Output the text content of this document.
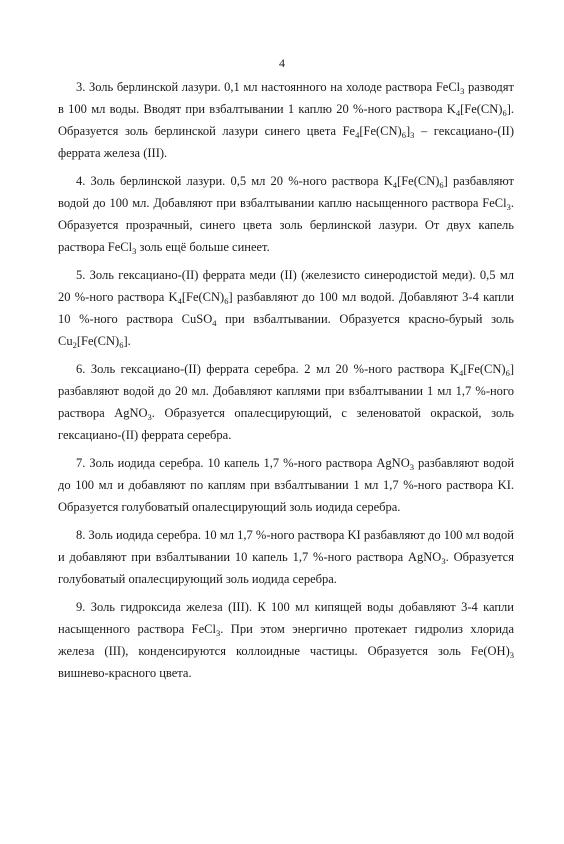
4

3. Золь берлинской лазури. 0,1 мл настоянного на холоде раствора FeCl$_3$ разводят в 100 мл воды. Вводят при взбалтывании 1 каплю 20 %-ного раствора $K_4[Fe(CN)_6]$. Образуется золь берлинской лазури синего цвета $Fe_4[Fe(CN)_6]_3$ – гексациано-(II) феррата железа (III).

4. Золь берлинской лазури. 0,5 мл 20 %-ного раствора $K_4[Fe(CN)_6]$ разбавляют водой до 100 мл. Добавляют при взбалтывании каплю насыщенного раствора FeCl$_3$. Образуется прозрачный, синего цвета золь берлинской лазури. От двух капель раствора FeCl$_3$ золь ещё больше синеет.

5. Золь гексациано-(II) феррата меди (II) (железисто синеродистой меди). 0,5 мл 20 %-ного раствора $K_4[Fe(CN)_6]$ разбавляют до 100 мл водой. Добавляют 3-4 капли 10 %-ного раствора CuSO$_4$ при взбалтывании. Образуется красно-бурый золь $Cu_2[Fe(CN)_6]$.

6. Золь гексациано-(II) феррата серебра. 2 мл 20 %-ного раствора $K_4[Fe(CN)_6]$ разбавляют водой до 20 мл. Добавляют каплями при взбалтывании 1 мл 1,7 %-ного раствора AgNO$_3$. Образуется опалесцирующий, с зеленоватой окраской, золь гексациано-(II) феррата серебра.

7. Золь иодида серебра. 10 капель 1,7 %-ного раствора AgNO$_3$ разбавляют водой до 100 мл и добавляют по каплям при взбалтывании 1 мл 1,7 %-ного раствора KI. Образуется голубоватый опалесцирующий золь иодида серебра.

8. Золь иодида серебра. 10 мл 1,7 %-ного раствора KI разбавляют до 100 мл водой и добавляют при взбалтывании 10 капель 1,7 %-ного раствора AgNO$_3$. Образуется голубоватый опалесцирующий золь иодида серебра.

9. Золь гидроксида железа (III). К 100 мл кипящей воды добавляют 3-4 капли насыщенного раствора FeCl$_3$. При этом энергично протекает гидролиз хлорида железа (III), конденсируются коллоидные частицы. Образуется золь $Fe(OH)_3$ вишнево-красного цвета.
